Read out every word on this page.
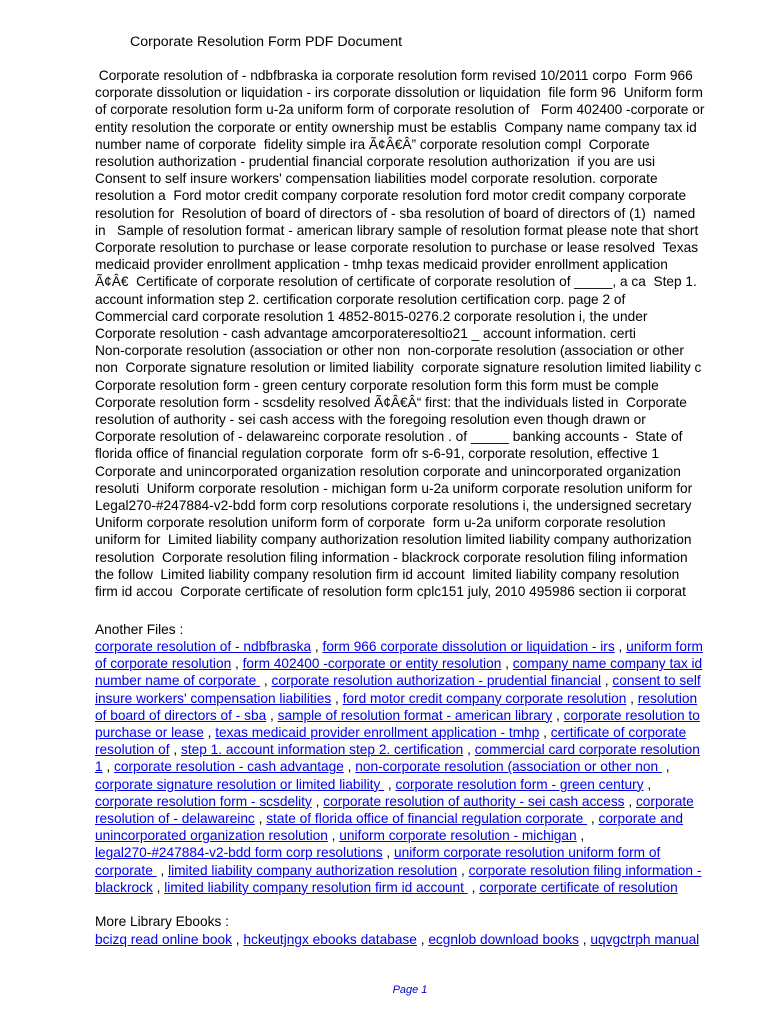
Corporate Resolution Form PDF Document
Corporate resolution of - ndbfbraska ia corporate resolution form revised 10/2011 corpo  Form 966
corporate dissolution or liquidation - irs corporate dissolution or liquidation  file form 96  Uniform form
of corporate resolution form u-2a uniform form of corporate resolution of   Form 402400 -corporate or
entity resolution the corporate or entity ownership must be establis  Company name company tax id
number name of corporate  fidelity simple ira Ã¢Â€Â” corporate resolution compl  Corporate
resolution authorization - prudential financial corporate resolution authorization  if you are usi
Consent to self insure workers' compensation liabilities model corporate resolution. corporate
resolution a  Ford motor credit company corporate resolution ford motor credit company corporate
resolution for  Resolution of board of directors of - sba resolution of board of directors of (1)  named
in   Sample of resolution format - american library sample of resolution format please note that short
Corporate resolution to purchase or lease corporate resolution to purchase or lease resolved  Texas
medicaid provider enrollment application - tmhp texas medicaid provider enrollment application
Ã¢Â€  Certificate of corporate resolution of certificate of corporate resolution of _____, a ca  Step 1.
account information step 2. certification corporate resolution certification corp. page 2 of
Commercial card corporate resolution 1 4852-8015-0276.2 corporate resolution i, the under
Corporate resolution - cash advantage amcorporateresoltio21 _ account information. certi
Non-corporate resolution (association or other non  non-corporate resolution (association or other
non  Corporate signature resolution or limited liability  corporate signature resolution limited liability c
Corporate resolution form - green century corporate resolution form this form must be comple
Corporate resolution form - scsdelity resolved Ã¢Â€Â“ first: that the individuals listed in  Corporate
resolution of authority - sei cash access with the foregoing resolution even though drawn or
Corporate resolution of - delawareinc corporate resolution . of _____ banking accounts -  State of
florida office of financial regulation corporate  form ofr s-6-91, corporate resolution, effective 1
Corporate and unincorporated organization resolution corporate and unincorporated organization
resoluti  Uniform corporate resolution - michigan form u-2a uniform corporate resolution uniform for
Legal270-#247884-v2-bdd form corp resolutions corporate resolutions i, the undersigned secretary
Uniform corporate resolution uniform form of corporate  form u-2a uniform corporate resolution
uniform for  Limited liability company authorization resolution limited liability company authorization
resolution  Corporate resolution filing information - blackrock corporate resolution filing information
the follow  Limited liability company resolution firm id account  limited liability company resolution
firm id accou  Corporate certificate of resolution form cplc151 july, 2010 495986 section ii corporat
Another Files :
corporate resolution of - ndbfbraska , form 966 corporate dissolution or liquidation - irs , uniform form
of corporate resolution , form 402400 -corporate or entity resolution , company name company tax id
number name of corporate  , corporate resolution authorization - prudential financial , consent to self
insure workers' compensation liabilities , ford motor credit company corporate resolution , resolution
of board of directors of - sba , sample of resolution format - american library , corporate resolution to
purchase or lease , texas medicaid provider enrollment application - tmhp , certificate of corporate
resolution of , step 1. account information step 2. certification , commercial card corporate resolution
1 , corporate resolution - cash advantage , non-corporate resolution (association or other non  ,
corporate signature resolution or limited liability  , corporate resolution form - green century ,
corporate resolution form - scsdelity , corporate resolution of authority - sei cash access , corporate
resolution of - delawareinc , state of florida office of financial regulation corporate  , corporate and
unincorporated organization resolution , uniform corporate resolution - michigan ,
legal270-#247884-v2-bdd form corp resolutions , uniform corporate resolution uniform form of
corporate  , limited liability company authorization resolution , corporate resolution filing information -
blackrock , limited liability company resolution firm id account  , corporate certificate of resolution
More Library Ebooks :
bcizq read online book , hckeutjngx ebooks database , ecgnlob download books , uqvgctrph manual
Page 1
